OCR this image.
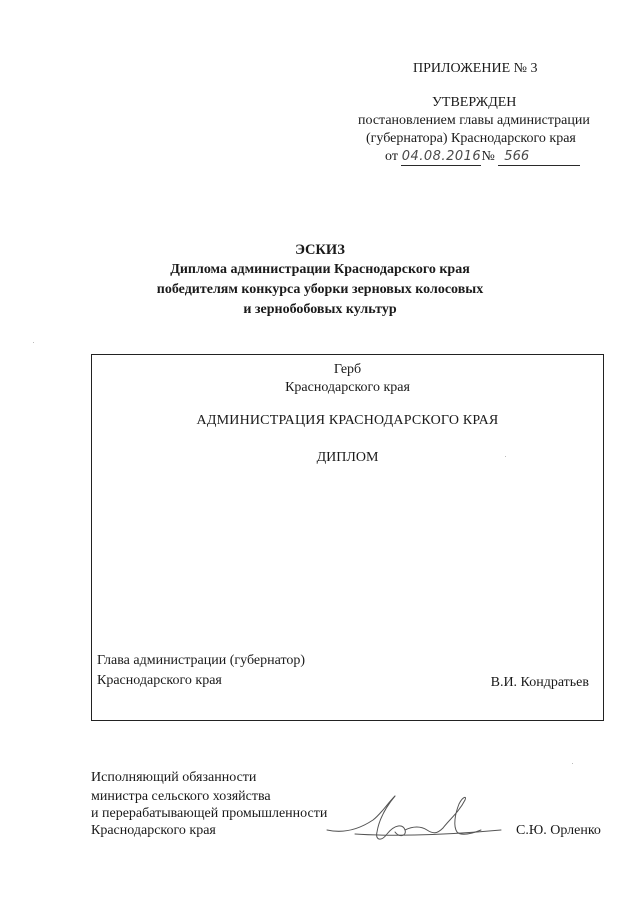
ПРИЛОЖЕНИЕ № 3
УТВЕРЖДЕН
постановлением главы администрации
(губернатора) Краснодарского края
от 04.08.2016№ 566
ЭСКИЗ
Диплома администрации Краснодарского края
победителям конкурса уборки зерновых колосовых
и зернобобовых культур
Герб
Краснодарского края
АДМИНИСТРАЦИЯ КРАСНОДАРСКОГО КРАЯ
ДИПЛОМ
Глава администрации (губернатор)
Краснодарского края	В.И. Кондратьев
Исполняющий обязанности
министра сельского хозяйства
и перерабатывающей промышленности
Краснодарского края	С.Ю. Орленко
